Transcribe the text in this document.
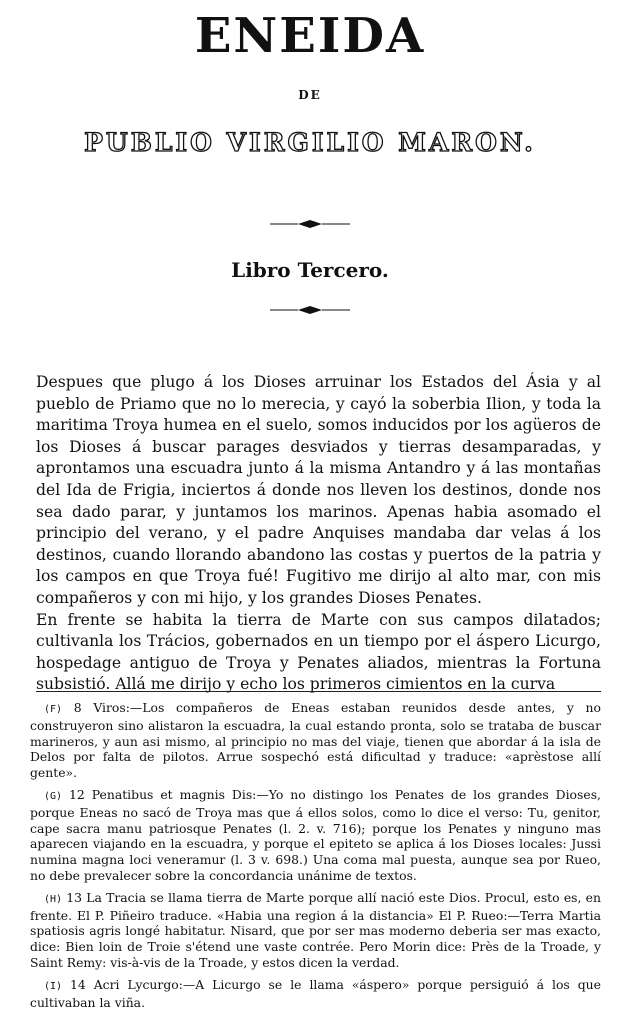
ENEIDA
DE
PUBLIO VIRGILIO MARON.
Libro Tercero.

Despues que plugo á los Dioses arruinar los Estados del Ásia y al pueblo de Priamo que no lo merecia, y cayó la soberbia Ilion, y toda la maritima Troya humea en el suelo, somos inducidos por los agüeros de los Dioses á buscar parages desviados y tierras desamparadas, y aprontamos una escuadra junto á la misma Antandro y á las montañas del Ida de Frigia, inciertos á donde nos lleven los destinos, donde nos sea dado parar, y juntamos los marinos. Apenas habia asomado el principio del verano, y el padre Anquises mandaba dar velas á los destinos, cuando llorando abandono las costas y puertos de la patria y los campos en que Troya fué! Fugitivo me dirijo al alto mar, con mis compañeros y con mi hijo, y los grandes Dioses Penates.

En frente se habita la tierra de Marte con sus campos dilatados; cultivanla los Trácios, gobernados en un tiempo por el áspero Licurgo, hospedage antiguo de Troya y Penates aliados, mientras la Fortuna subsistió. Allá me dirijo y echo los primeros cimientos en la curva

(F) 8 Viros:—Los compañeros de Eneas estaban reunidos desde antes, y no construyeron sino alistaron la escuadra, la cual estando pronta, solo se trataba de buscar marineros, y aun asi mismo, al principio no mas del viaje, tienen que abordar á la isla de Delos por falta de pilotos. Arrue sospechó está dificultad y traduce: «aprèstose allí gente».

(G) 12 Penatibus et magnis Dis:—Yo no distingo los Penates de los grandes Dioses, porque Eneas no sacó de Troya mas que á ellos solos, como lo dice el verso: Tu, genitor, cape sacra manu patriosque Penates (l. 2. v. 716); porque los Penates y ninguno mas aparecen viajando en la escuadra, y porque el epiteto se aplica á los Dioses locales: Jussi numina magna loci veneramur (l. 3 v. 698.) Una coma mal puesta, aunque sea por Rueo, no debe prevalecer sobre la concordancia unánime de textos.

(H) 13 La Tracia se llama tierra de Marte porque allí nació este Dios. Procul, esto es, en frente. El P. Piñeiro traduce. «Habia una region á la distancia» El P. Rueo:—Terra Martia spatiosis agris longé habitatur. Nisard, que por ser mas moderno deberia ser mas exacto, dice: Bien loin de Troie s'étend une vaste contrée. Pero Morin dice: Près de la Troade, y Saint Remy: vis-à-vis de la Troade, y estos dicen la verdad.

(I) 14 Acri Lycurgo:—A Licurgo se le llama «áspero» porque persiguió á los que cultivaban la viña.
